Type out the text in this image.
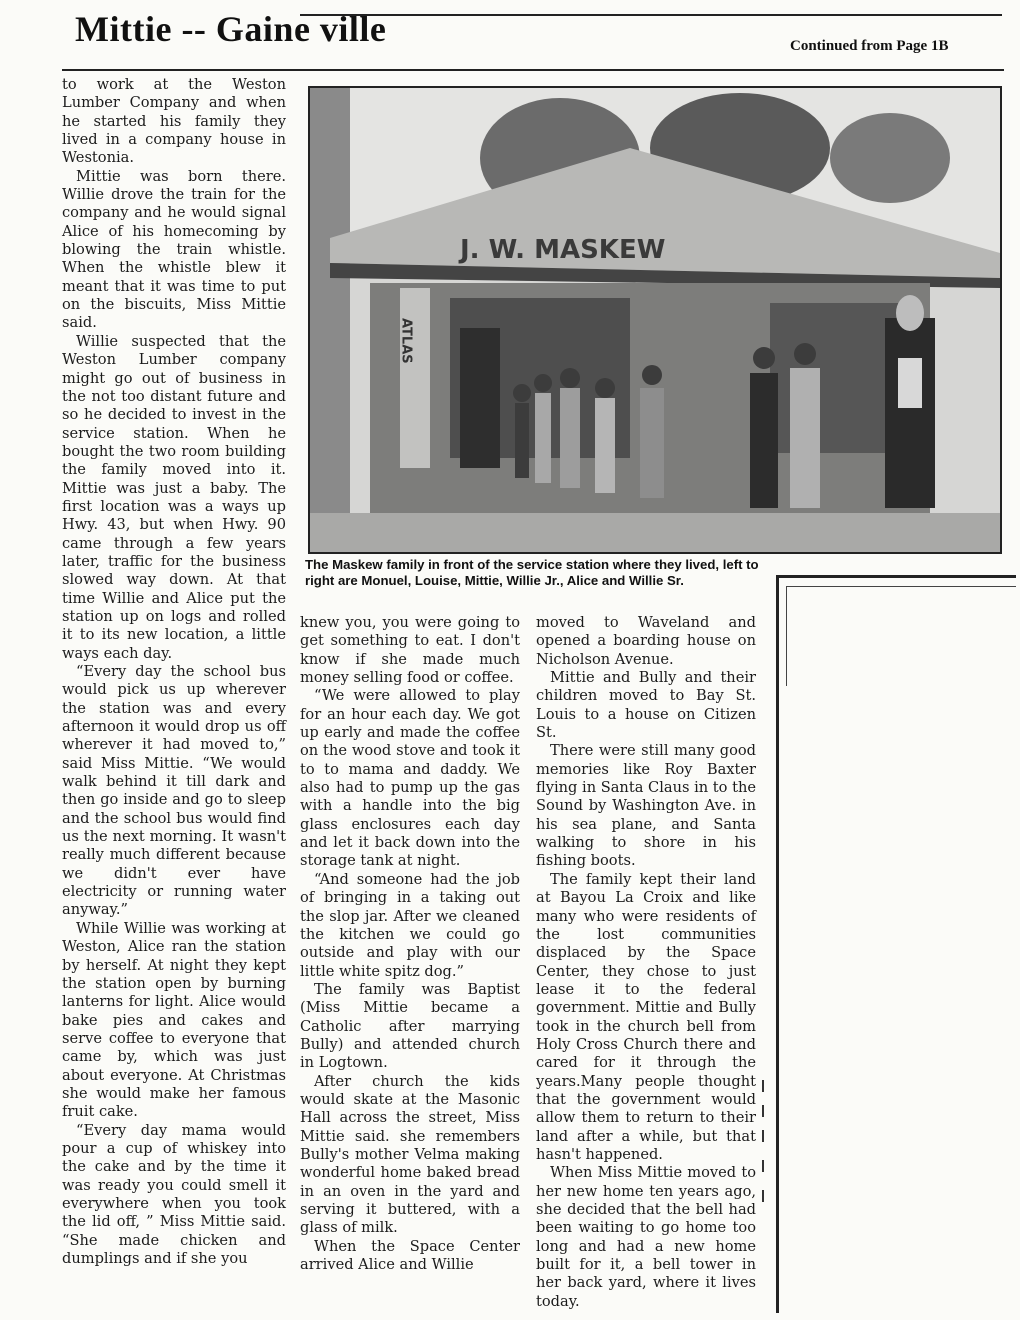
Mittie -- Gaine ville	Continued from Page 1B
J. W. MASKEW
ATLAS
The Maskew family in front of the service station where they lived, left to right are Monuel, Louise, Mittie, Willie Jr., Alice and Willie Sr.

to work at the Weston Lumber Company and when he started his family they lived in a company house in Westonia.

Mittie was born there. Willie drove the train for the company and he would signal Alice of his homecoming by blowing the train whistle. When the whistle blew it meant that it was time to put on the biscuits, Miss Mittie said.

Willie suspected that the Weston Lumber company might go out of business in the not too distant future and so he decided to invest in the service station. When he bought the two room building the family moved into it. Mittie was just a baby. The first location was a ways up Hwy. 43, but when Hwy. 90 came through a few years later, traffic for the business slowed way down. At that time Willie and Alice put the station up on logs and rolled it to its new location, a little ways each day.

“Every day the school bus would pick us up wherever the station was and every afternoon it would drop us off wherever it had moved to,” said Miss Mittie. “We would walk behind it till dark and then go inside and go to sleep and the school bus would find us the next morning. It wasn't really much different because we didn't ever have electricity or running water anyway.”

While Willie was working at Weston, Alice ran the station by herself. At night they kept the station open by burning lanterns for light. Alice would bake pies and cakes and serve coffee to everyone that came by, which was just about everyone. At Christmas she would make her famous fruit cake.

“Every day mama would pour a cup of whiskey into the cake and by the time it was ready you could smell it everywhere when you took the lid off, ” Miss Mittie said. “She made chicken and dumplings and if she you

knew you, you were going to get something to eat. I don't know if she made much money selling food or coffee.

“We were allowed to play for an hour each day. We got up early and made the coffee on the wood stove and took it to to mama and daddy. We also had to pump up the gas with a handle into the big glass enclosures each day and let it back down into the storage tank at night.

“And someone had the job of bringing in a taking out the slop jar. After we cleaned the kitchen we could go outside and play with our little white spitz dog.”

The family was Baptist (Miss Mittie became a Catholic after marrying Bully) and attended church in Logtown.

After church the kids would skate at the Masonic Hall across the street, Miss Mittie said. she remembers Bully's mother Velma making wonderful home baked bread in an oven in the yard and serving it buttered, with a glass of milk.

When the Space Center arrived Alice and Willie

moved to Waveland and opened a boarding house on Nicholson Avenue.

Mittie and Bully and their children moved to Bay St. Louis to a house on Citizen St.

There were still many good memories like Roy Baxter flying in Santa Claus in to the Sound by Washington Ave. in his sea plane, and Santa walking to shore in his fishing boots.

The family kept their land at Bayou La Croix and like many who were residents of the lost communities displaced by the Space Center, they chose to just lease it to the federal government. Mittie and Bully took in the church bell from Holy Cross Church there and cared for it through the years.Many people thought that the government would allow them to return to their land after a while, but that hasn't happened.

When Miss Mittie moved to her new home ten years ago, she decided that the bell had been waiting to go home too long and had a new home built for it, a bell tower in her back yard, where it lives today.
